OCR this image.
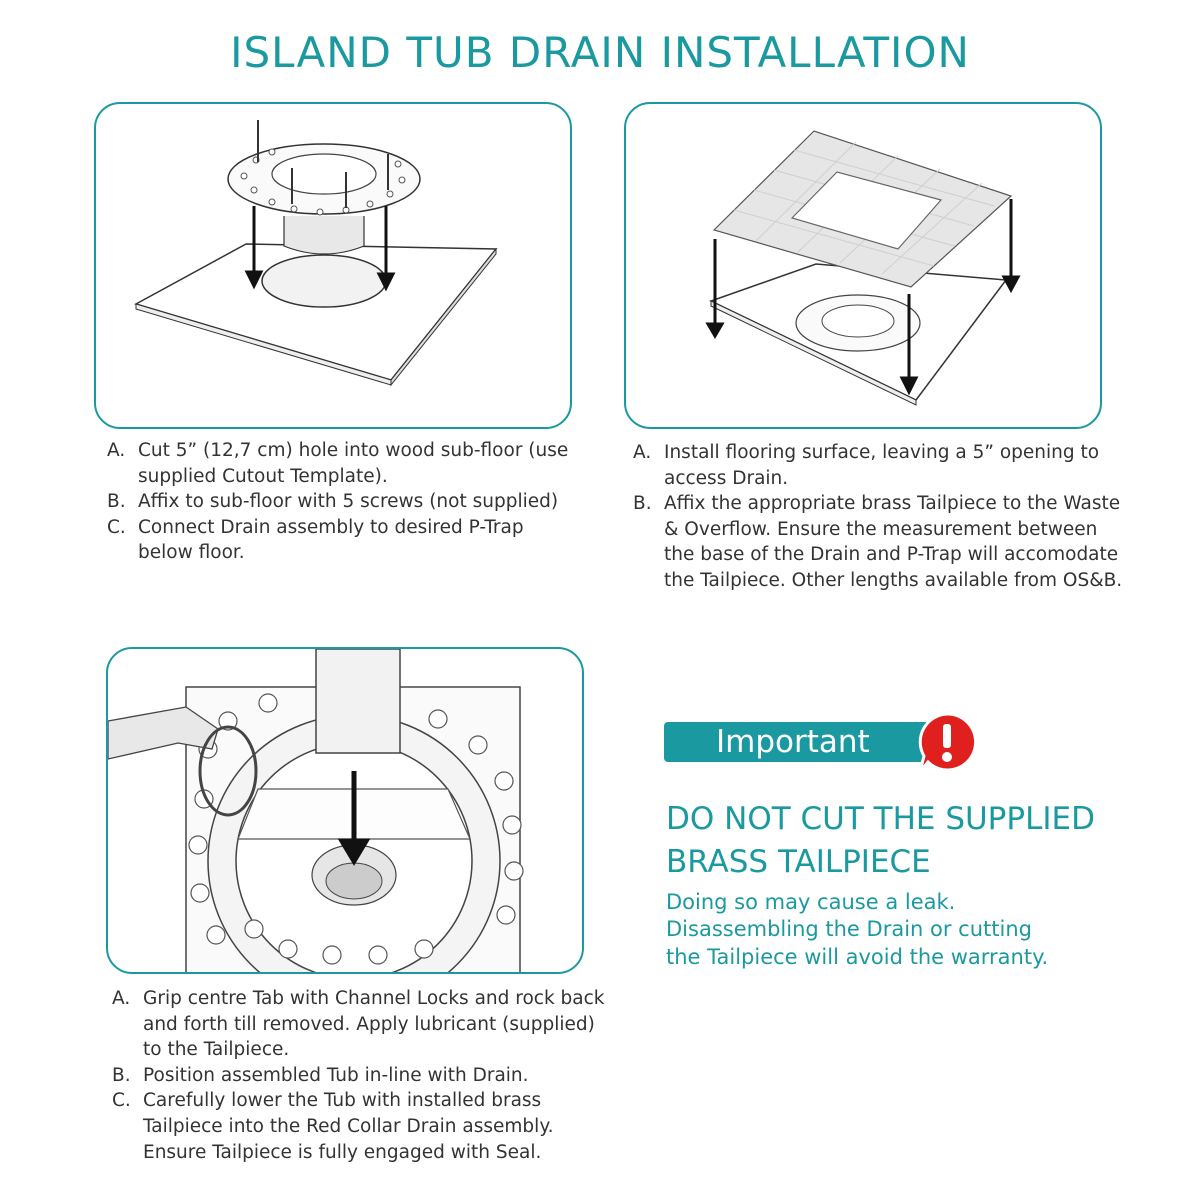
ISLAND TUB DRAIN INSTALLATION
A. Cut 5” (12,7 cm) hole into wood sub-floor (use supplied Cutout Template).
B. Affix to sub-floor with 5 screws (not supplied)
C. Connect Drain assembly to desired P-Trap below floor.
A. Install flooring surface, leaving a 5” opening to access Drain.
B. Affix the appropriate brass Tailpiece to the Waste & Overflow. Ensure the measurement between the base of the Drain and P-Trap will accomodate the Tailpiece. Other lengths available from OS&B.
A. Grip centre Tab with Channel Locks and rock back and forth till removed. Apply lubricant (supplied) to the Tailpiece.
B. Position assembled Tub in-line with Drain.
C. Carefully lower the Tub with installed brass Tailpiece into the Red Collar Drain assembly. Ensure Tailpiece is fully engaged with Seal.
Important
DO NOT CUT THE SUPPLIED
BRASS TAILPIECE

Doing so may cause a leak.
Disassembling the Drain or cutting
the Tailpiece will avoid the warranty.
